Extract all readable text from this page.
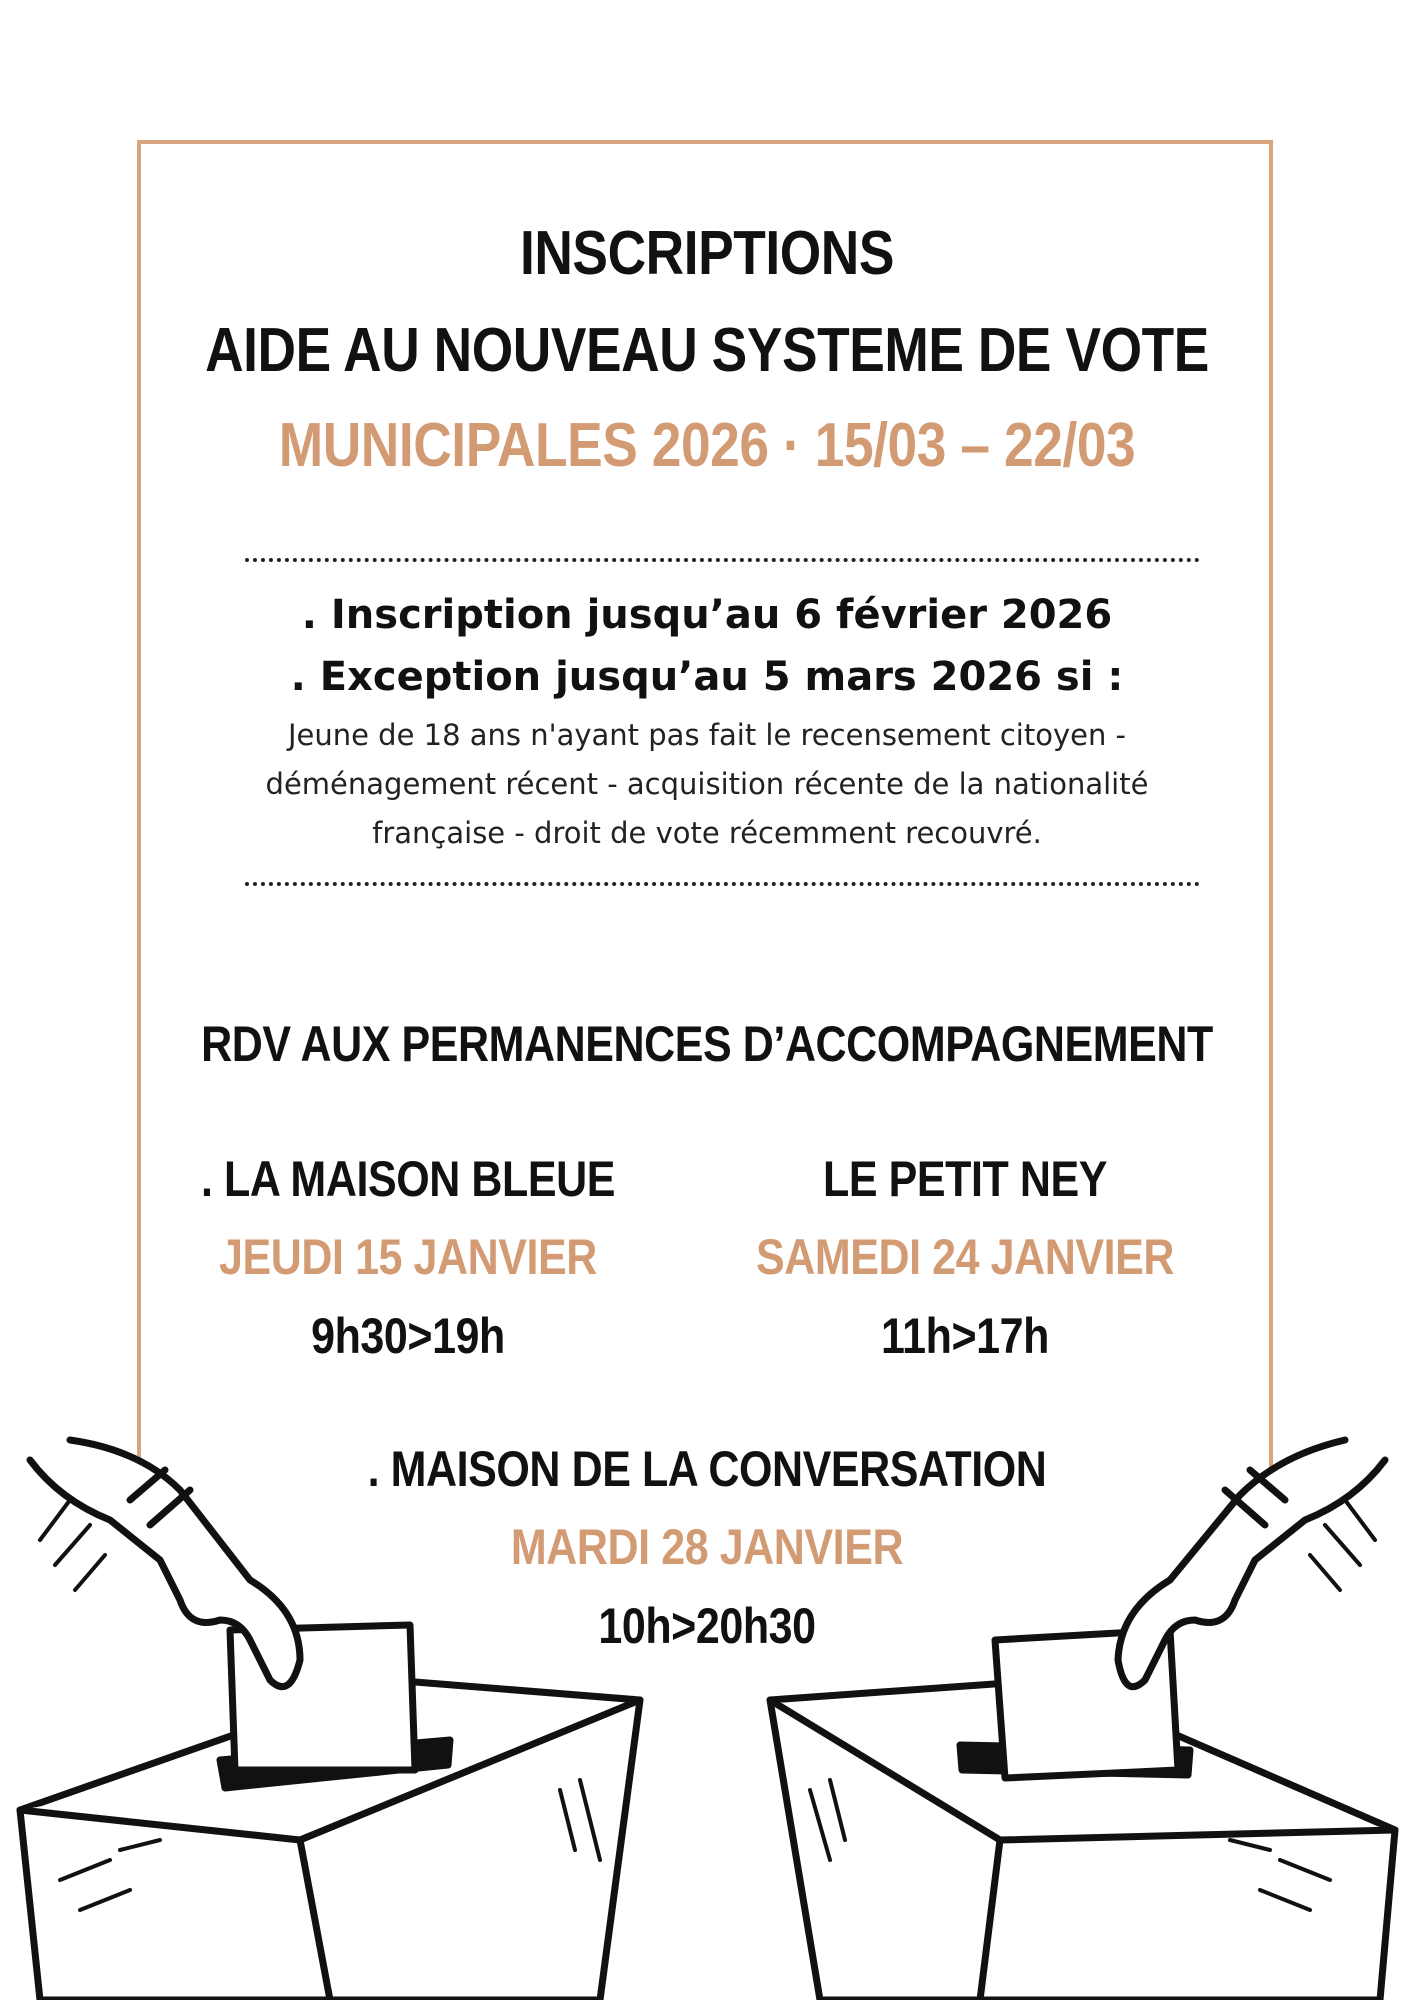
INSCRIPTIONS
AIDE AU NOUVEAU SYSTEME DE VOTE
MUNICIPALES 2026 · 15/03 – 22/03
. Inscription jusqu’au 6 février 2026
. Exception jusqu’au 5 mars 2026 si :
Jeune de 18 ans n'ayant pas fait le recensement citoyen -
déménagement récent - acquisition récente de la nationalité
française - droit de vote récemment recouvré.
RDV AUX PERMANENCES D’ACCOMPAGNEMENT
. LA MAISON BLEUE
JEUDI 15 JANVIER
9h30>19h
LE PETIT NEY
SAMEDI 24 JANVIER
11h>17h
. MAISON DE LA CONVERSATION
MARDI 28 JANVIER
10h>20h30
